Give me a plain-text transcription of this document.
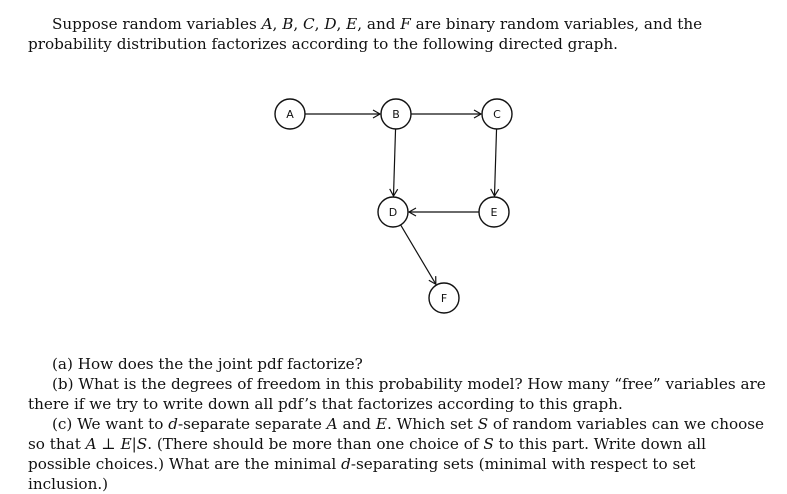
Suppose random variables A, B, C, D, E, and F are binary random variables, and the probability distribution factorizes according to the following directed graph.

A	B	C
D	E
F
(a) How does the the joint pdf factorize?
(b) What is the degrees of freedom in this probability model? How many “free” variables are there if we try to write down all pdf’s that factorizes according to this graph.
(c) We want to d-separate separate A and E. Which set S of random variables can we choose so that A ⊥ E|S. (There should be more than one choice of S to this part. Write down all possible choices.) What are the minimal d-separating sets (minimal with respect to set inclusion.)
